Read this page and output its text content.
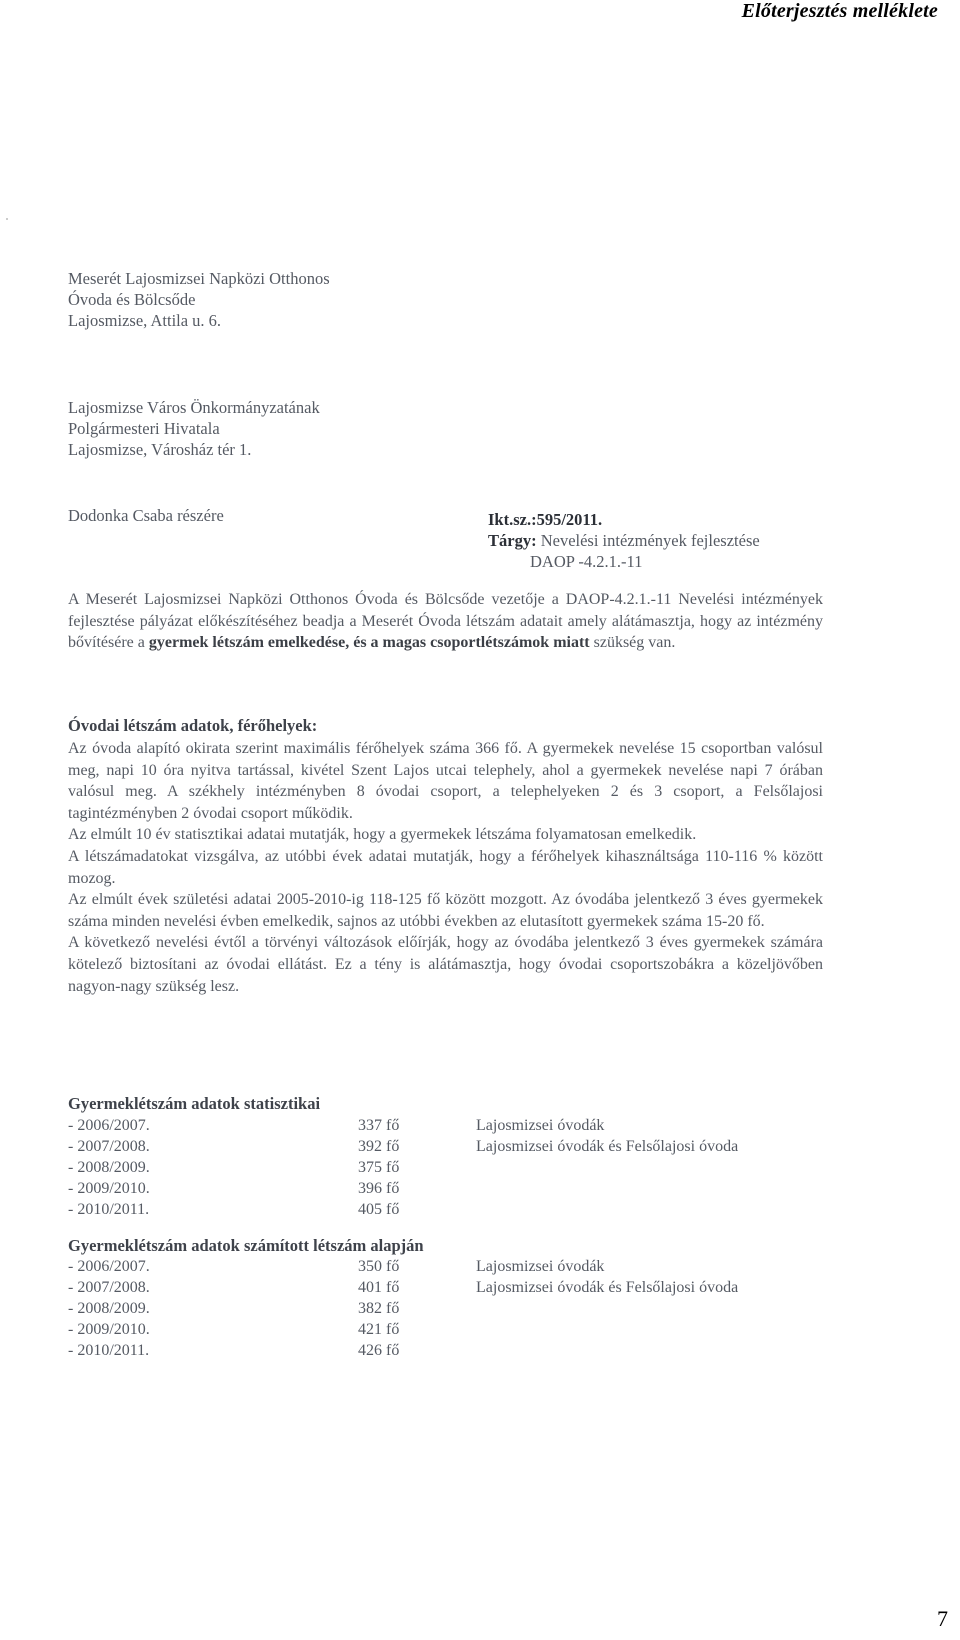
Előterjesztés melléklete
Meserét Lajosmizsei Napközi Otthonos
Óvoda és Bölcsőde
Lajosmizse, Attila u. 6.
Lajosmizse Város Önkormányzatának
Polgármesteri Hivatala
Lajosmizse, Városház tér 1.
Dodonka Csaba részére	Ikt.sz.:595/2011.
Tárgy: Nevelési intézmények fejlesztése
DAOP -4.2.1.-11

A Meserét Lajosmizsei Napközi Otthonos Óvoda és Bölcsőde vezetője a DAOP-4.2.1.-11 Nevelési intézmények fejlesztése pályázat előkészítéséhez beadja a Meserét Óvoda létszám adatait amely alátámasztja, hogy az intézmény bővítésére a gyermek létszám emelkedése, és a magas csoportlétszámok miatt szükség van.

Óvodai létszám adatok, férőhelyek:

Az óvoda alapító okirata szerint maximális férőhelyek száma 366 fő. A gyermekek nevelése 15 csoportban valósul meg, napi 10 óra nyitva tartással, kivétel Szent Lajos utcai telephely, ahol a gyermekek nevelése napi 7 órában valósul meg. A székhely intézményben 8 óvodai csoport, a telephelyeken 2 és 3 csoport, a Felsőlajosi tagintézményben 2 óvodai csoport működik.

Az elmúlt 10 év statisztikai adatai mutatják, hogy a gyermekek létszáma folyamatosan emelkedik.

A létszámadatokat vizsgálva, az utóbbi évek adatai mutatják, hogy a férőhelyek kihasználtsága 110-116 % között mozog.

Az elmúlt évek születési adatai 2005-2010-ig 118-125 fő között mozgott. Az óvodába jelentkező 3 éves gyermekek száma minden nevelési évben emelkedik, sajnos az utóbbi években az elutasított gyermekek száma 15-20 fő.

A következő nevelési évtől a törvényi változások előírják, hogy az óvodába jelentkező 3 éves gyermekek számára kötelező biztosítani az óvodai ellátást. Ez a tény is alátámasztja, hogy óvodai csoportszobákra a közeljövőben nagyon-nagy szükség lesz.

Gyermeklétszám adatok statisztikai
- 2006/2007.	337 fő	Lajosmizsei óvodák
- 2007/2008.	392 fő	Lajosmizsei óvodák és Felsőlajosi óvoda
- 2008/2009.	375 fő
- 2009/2010.	396 fő
- 2010/2011.	405 fő
Gyermeklétszám adatok számított létszám alapján
- 2006/2007.	350 fő	Lajosmizsei óvodák
- 2007/2008.	401 fő	Lajosmizsei óvodák és Felsőlajosi óvoda
- 2008/2009.	382 fő
- 2009/2010.	421 fő
- 2010/2011.	426 fő
7
